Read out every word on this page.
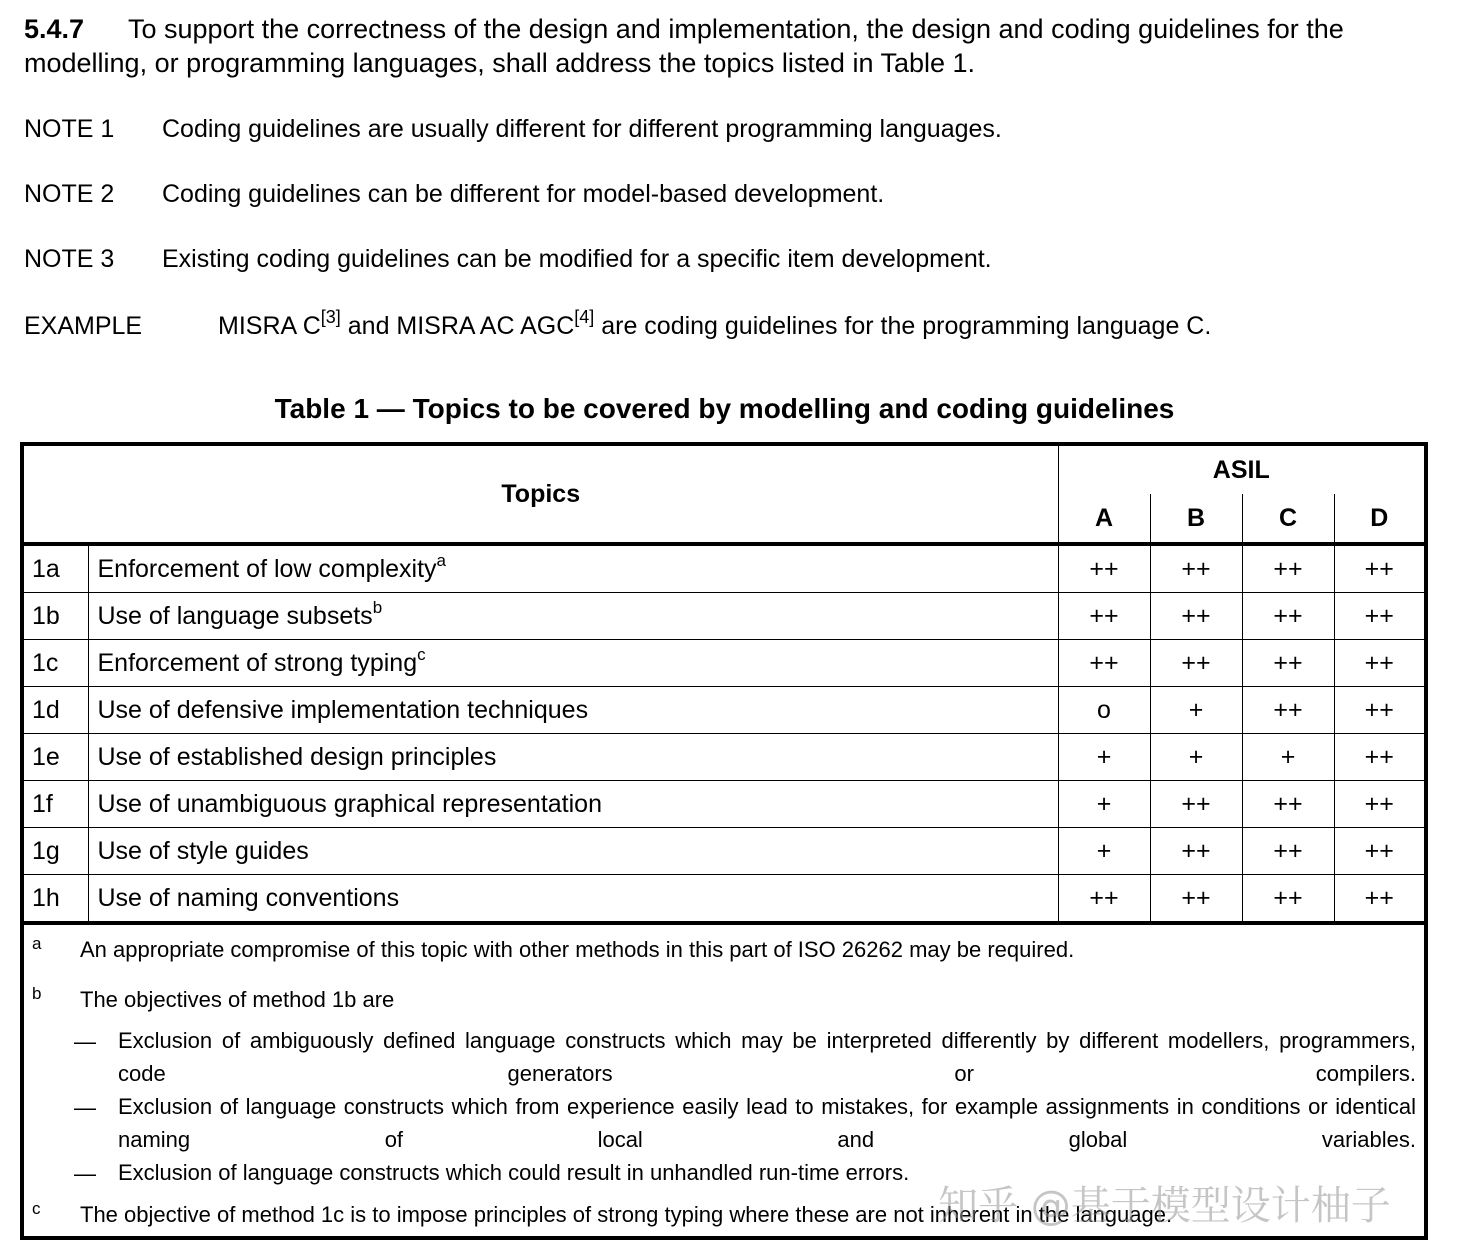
5.4.7 To support the correctness of the design and implementation, the design and coding guidelines for the
modelling, or programming languages, shall address the topics listed in Table 1.
NOTE 1 Coding guidelines are usually different for different programming languages.
NOTE 2 Coding guidelines can be different for model-based development.
NOTE 3 Existing coding guidelines can be modified for a specific item development.
EXAMPLE	MISRA C[3] and MISRA AC AGC[4] are coding guidelines for the programming language C.
Table 1 — Topics to be covered by modelling and coding guidelines
Topics		ASIL			
		A	B	C	D
1a	Enforcement of low complexity$^a$	++	++	++	++
1b	Use of language subsets$^b$	++	++	++	++
1c	Enforcement of strong typing$^c$	++	++	++	++
1d	Use of defensive implementation techniques	o	+	++	++
1e	Use of established design principles	+	+	+	++
1f	Use of unambiguous graphical representation	+	++	++	++
1g	Use of style guides	+	++	++	++
1h	Use of naming conventions	++	++	++	++
a An appropriate compromise of this topic with other methods in this part of ISO 26262 may be required.
b The objectives of method 1b are
— Exclusion of ambiguously defined language constructs which may be interpreted differently by different modellers, programmers, code generators or compilers.
— Exclusion of language constructs which from experience easily lead to mistakes, for example assignments in conditions or identical naming of local and global variables.
— Exclusion of language constructs which could result in unhandled run-time errors.
c The objective of method 1c is to impose principles of strong typing where these are not inherent in the language.
知乎 @基于模型设计柚子
